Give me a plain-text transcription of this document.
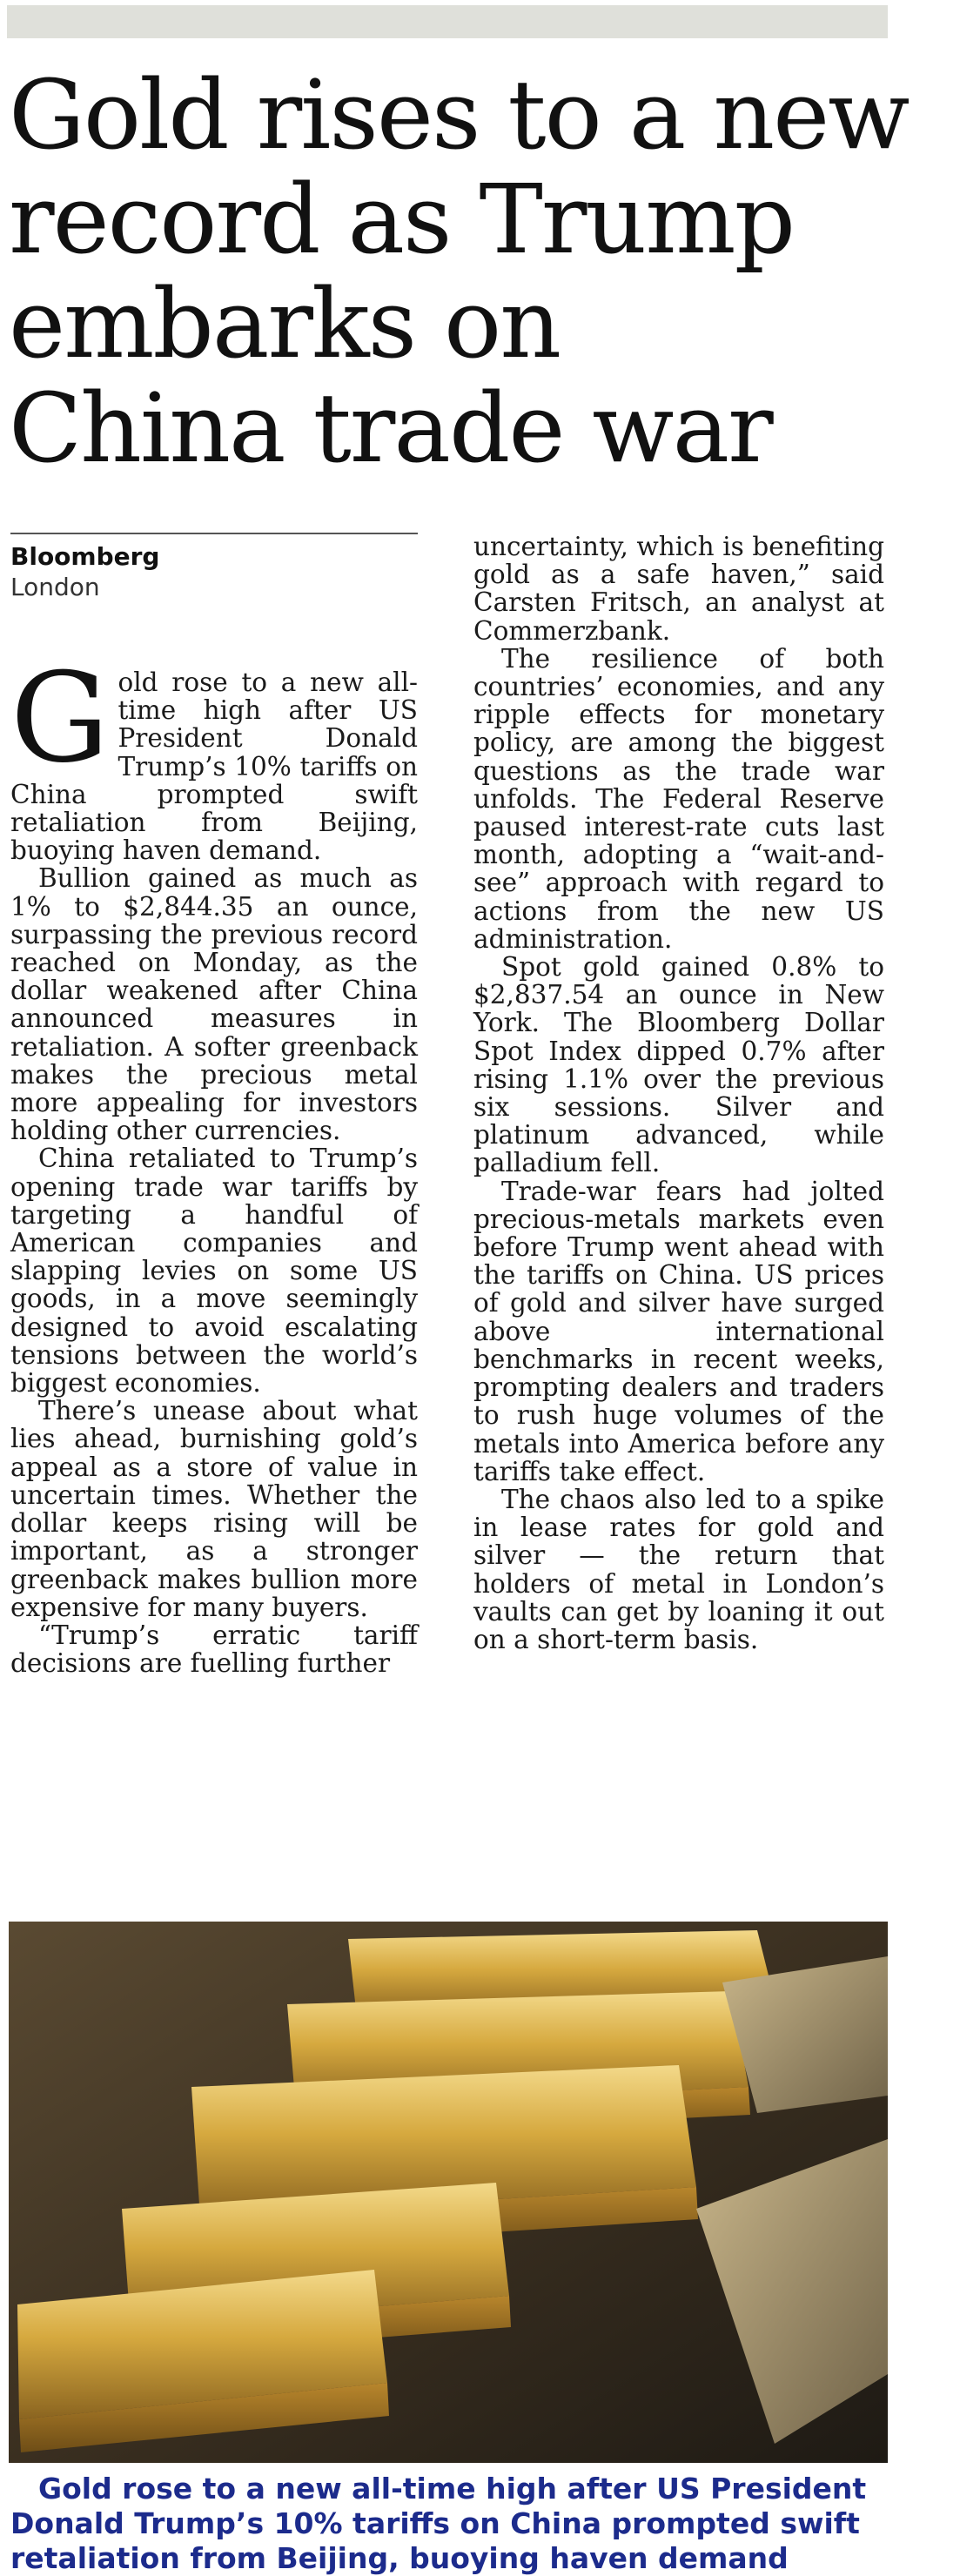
Gold rises to a new
record as Trump
embarks on
China trade war
Bloomberg
London

Gold rose to a new all-time high after US President Donald Trump’s 10% tariffs on China prompted swift retaliation from Beijing, buoying haven demand.

Bullion gained as much as 1% to $2,844.35 an ounce, surpassing the previous record reached on Monday, as the dollar weakened after China announced measures in retaliation. A softer greenback makes the precious metal more appealing for investors holding other currencies.

China retaliated to Trump’s opening trade war tariffs by targeting a handful of American companies and slapping levies on some US goods, in a move seemingly designed to avoid escalating tensions between the world’s biggest economies.

There’s unease about what lies ahead, burnishing gold’s appeal as a store of value in uncertain times. Whether the dollar keeps rising will be important, as a stronger greenback makes bullion more expensive for many buyers.

“Trump’s erratic tariff decisions are fuelling further

uncertainty, which is benefiting gold as a safe haven,” said Carsten Fritsch, an analyst at Commerzbank.

The resilience of both countries’ economies, and any ripple effects for monetary policy, are among the biggest questions as the trade war unfolds. The Federal Reserve paused interest-rate cuts last month, adopting a “wait-and-see” approach with regard to actions from the new US administration.

Spot gold gained 0.8% to $2,837.54 an ounce in New York. The Bloomberg Dollar Spot Index dipped 0.7% after rising 1.1% over the previous six sessions. Silver and platinum advanced, while palladium fell.

Trade-war fears had jolted precious-metals markets even before Trump went ahead with the tariffs on China. US prices of gold and silver have surged above international benchmarks in recent weeks, prompting dealers and traders to rush huge volumes of the metals into America before any tariffs take effect.

The chaos also led to a spike in lease rates for gold and silver — the return that holders of metal in London’s vaults can get by loaning it out on a short-term basis.

Gold rose to a new all-time high after US President Donald Trump’s 10% tariffs on China prompted swift retaliation from Beijing, buoying haven demand
